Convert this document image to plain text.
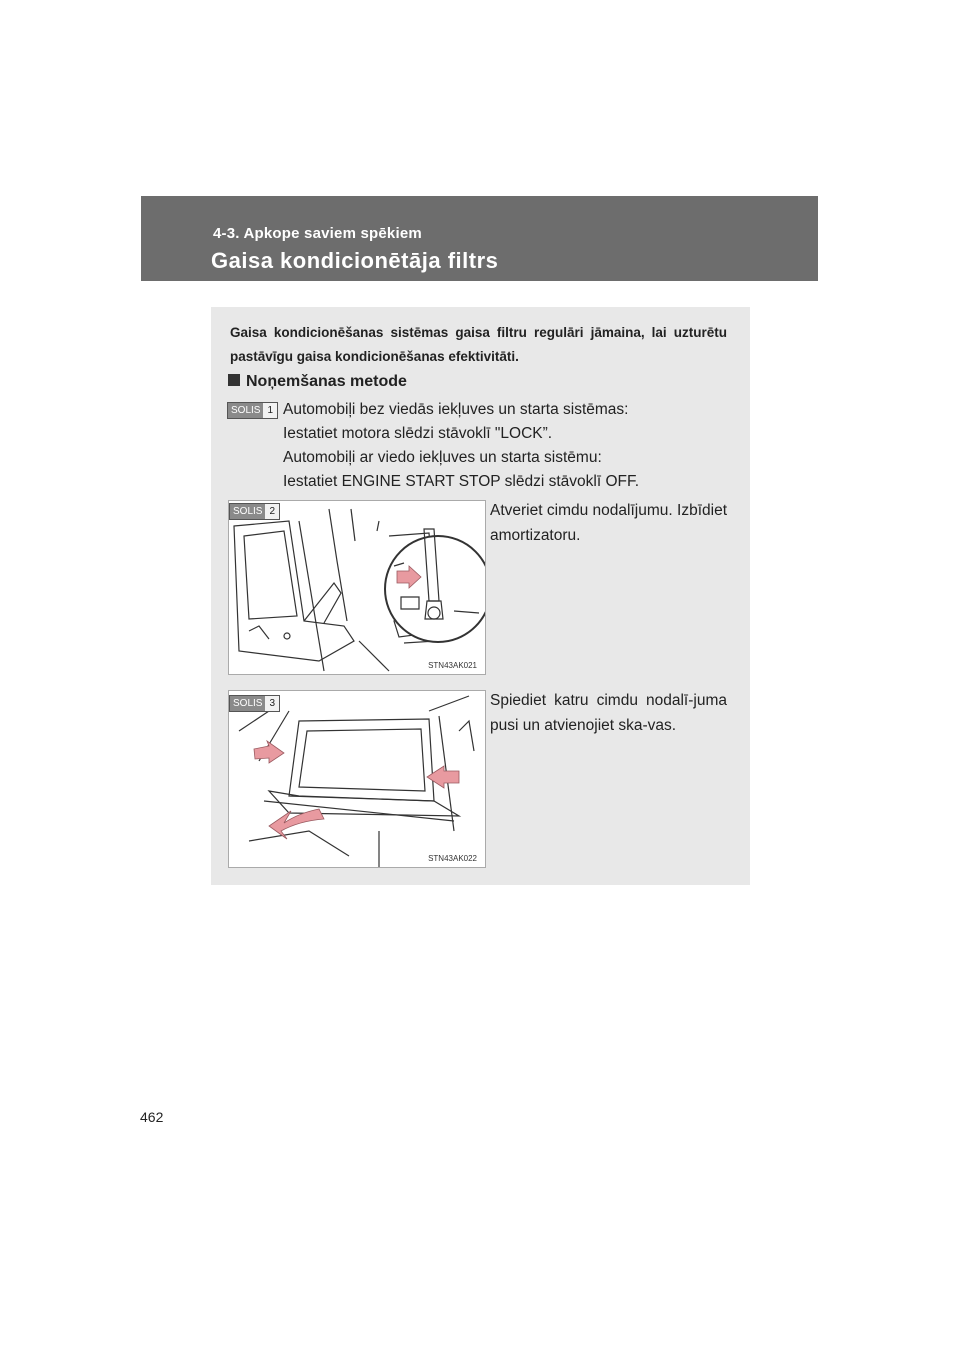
4-3. Apkope saviem spēkiem
Gaisa kondicionētāja filtrs
Gaisa kondicionēšanas sistēmas gaisa filtru regulāri jāmaina, lai uzturētu pastāvīgu gaisa kondicionēšanas efektivitāti.
Noņemšanas metode
SOLIS 1 Automobiļi bez viedās iekļuves un starta sistēmas:
Iestatiet motora slēdzi stāvoklī "LOCK”.
Automobiļi ar viedo iekļuves un starta sistēmu:
Iestatiet ENGINE START STOP slēdzi stāvoklī OFF.
STN43AK021
SOLIS 2	Atveriet cimdu nodalījumu. Izbīdiet amortizatoru.
STN43AK022
SOLIS 3	Spiediet katru cimdu nodalī-juma pusi un atvienojiet ska-vas.
462
